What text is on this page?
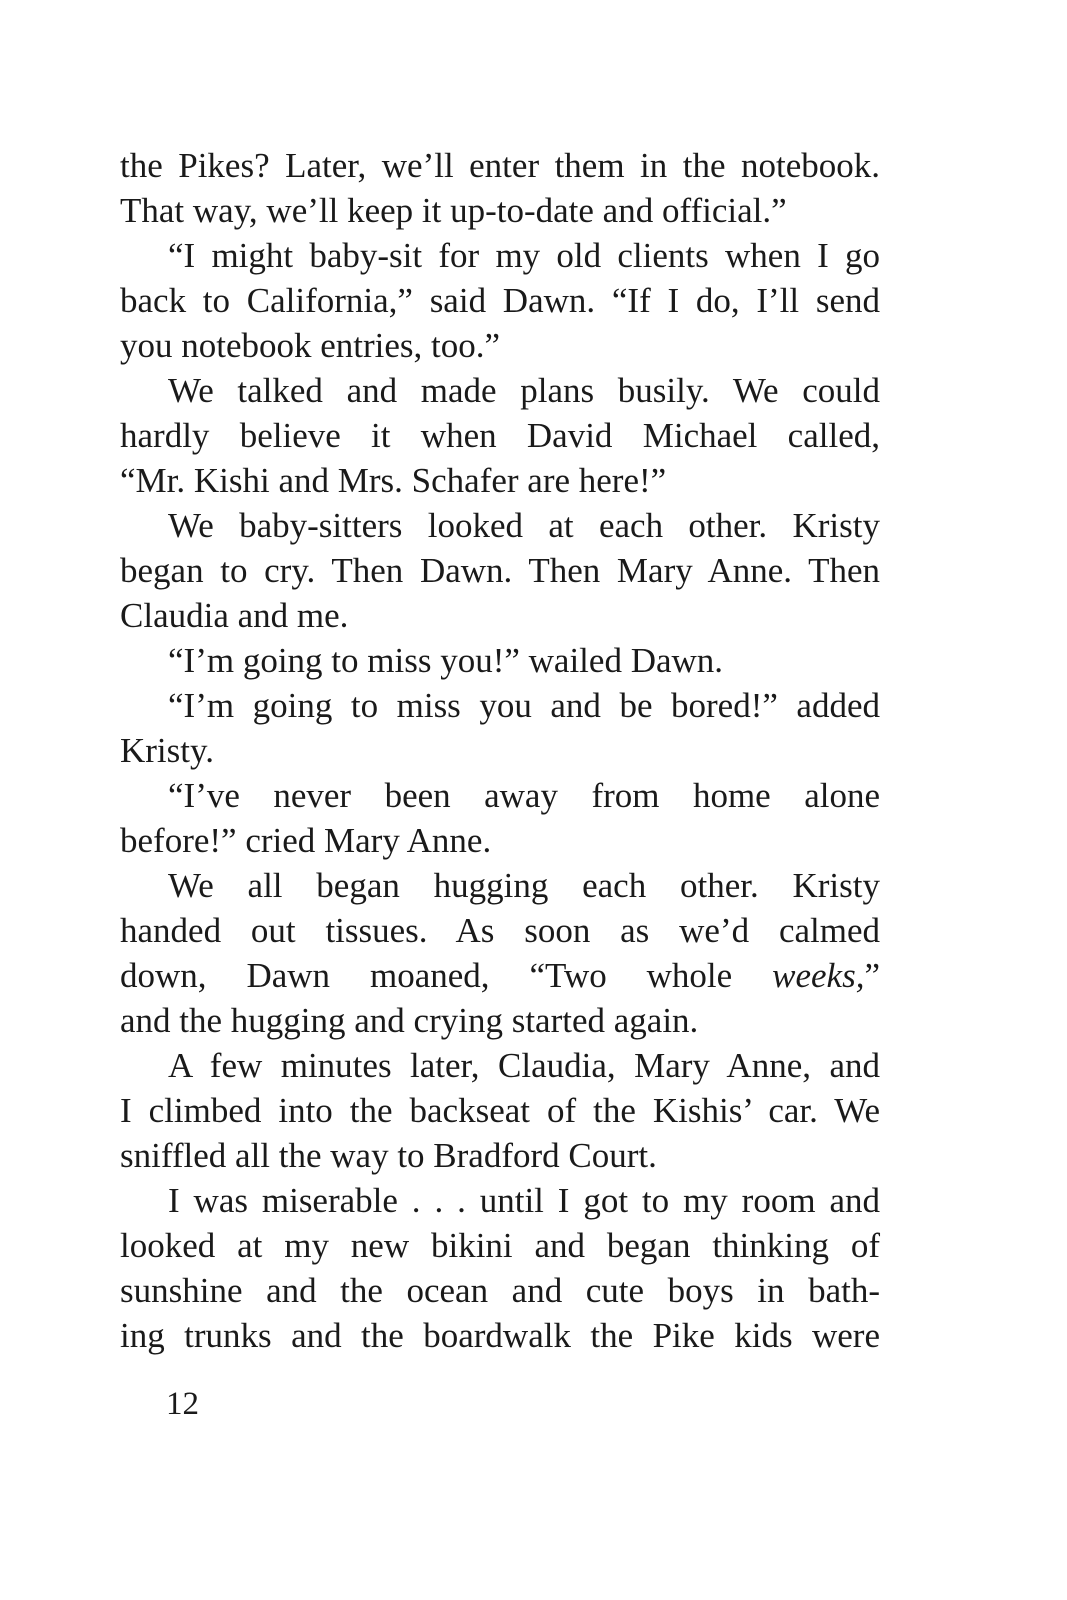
the Pikes? Later, we’ll enter them in the notebook.
That way, we’ll keep it up-to-date and official.”
“I might baby-sit for my old clients when I go
back to California,” said Dawn. “If I do, I’ll send
you notebook entries, too.”
We talked and made plans busily. We could
hardly believe it when David Michael called,
“Mr. Kishi and Mrs. Schafer are here!”
We baby-sitters looked at each other. Kristy
began to cry. Then Dawn. Then Mary Anne. Then
Claudia and me.
“I’m going to miss you!” wailed Dawn.
“I’m going to miss you and be bored!” added
Kristy.
“I’ve never been away from home alone
before!” cried Mary Anne.
We all began hugging each other. Kristy
handed out tissues. As soon as we’d calmed
down, Dawn moaned, “Two whole weeks,”
and the hugging and crying started again.
A few minutes later, Claudia, Mary Anne, and
I climbed into the backseat of the Kishis’ car. We
sniffled all the way to Bradford Court.
I was miserable . . . until I got to my room and
looked at my new bikini and began thinking of
sunshine and the ocean and cute boys in bath-
ing trunks and the boardwalk the Pike kids were
12
